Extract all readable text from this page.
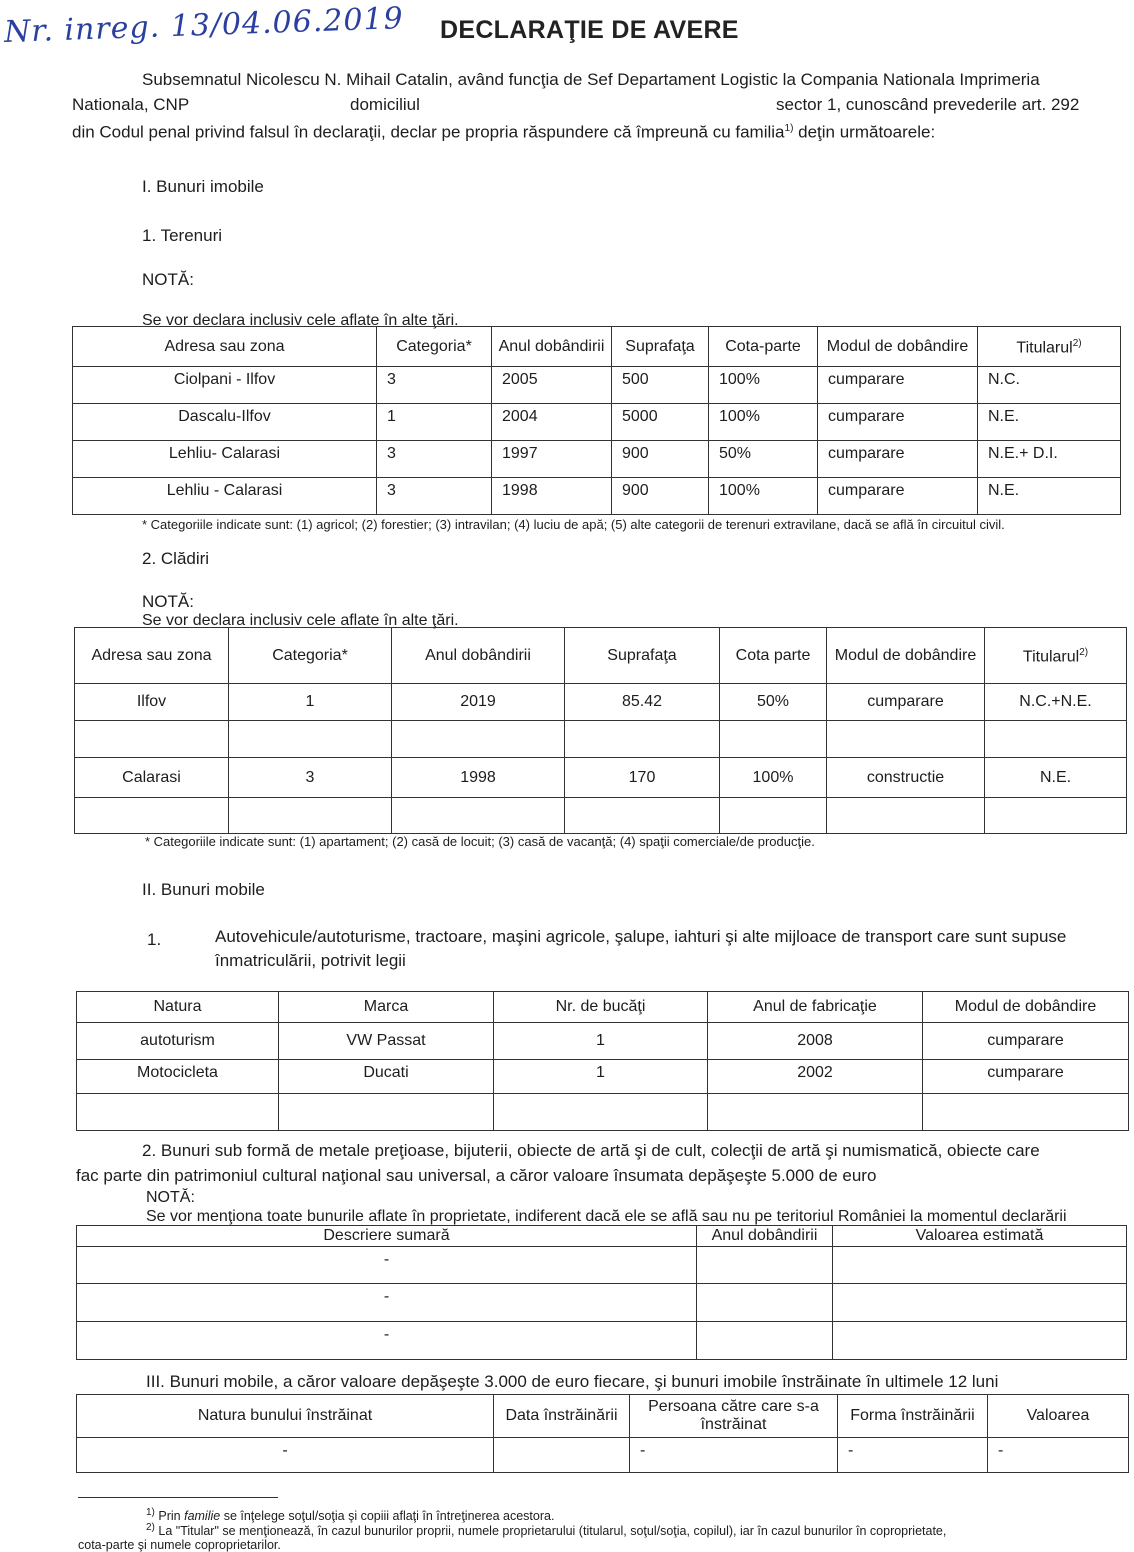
Nr. inreg. 13/04.06.2019 DECLARAŢIE DE AVERE
Subsemnatul Nicolescu N. Mihail Catalin, având funcţia de Sef Departament Logistic la Compania Nationala Imprimeria
Nationala, CNP	domiciliul	sector 1, cunoscând prevederile art. 292
din Codul penal privind falsul în declaraţii, declar pe propria răspundere că împreună cu familia$^{1)}$ deţin următoarele:
I. Bunuri imobile
1. Terenuri
NOTĂ:
Se vor declara inclusiv cele aflate în alte ţări.
Adresa sau zona	Categoria*	Anul dobândirii	Suprafaţa	Cota-parte	Modul de dobândire	Titularul$^{2)}$
Ciolpani - Ilfov	3	2005	500	100%	cumparare	N.C.
Dascalu-Ilfov	1	2004	5000	100%	cumparare	N.E.
Lehliu- Calarasi	3	1997	900	50%	cumparare	N.E.+ D.I.
Lehliu - Calarasi	3	1998	900	100%	cumparare	N.E.
* Categoriile indicate sunt: (1) agricol; (2) forestier; (3) intravilan; (4) luciu de apă; (5) alte categorii de terenuri extravilane, dacă se află în circuitul civil.
2. Clădiri
NOTĂ:
Se vor declara inclusiv cele aflate în alte ţări.
Adresa sau zona	Categoria*	Anul dobândirii	Suprafaţa	Cota parte	Modul de dobândire	Titularul$^{2)}$
Ilfov	1	2019	85.42	50%	cumparare	N.C.+N.E.

Calarasi	3	1998	170	100%	constructie	N.E.

* Categoriile indicate sunt: (1) apartament; (2) casă de locuit; (3) casă de vacanţă; (4) spaţii comerciale/de producţie.
II. Bunuri mobile
1.	Autovehicule/autoturisme, tractoare, maşini agricole, şalupe, iahturi şi alte mijloace de transport care sunt supuse
înmatriculării, potrivit legii
Natura	Marca	Nr. de bucăţi	Anul de fabricaţie	Modul de dobândire
autoturism	VW Passat	1	2008	cumparare
Motocicleta	Ducati	1	2002	cumparare

2. Bunuri sub formă de metale preţioase, bijuterii, obiecte de artă şi de cult, colecţii de artă şi numismatică, obiecte care
fac parte din patrimoniul cultural naţional sau universal, a căror valoare însumata depăşeşte 5.000 de euro
NOTĂ:
Se vor menţiona toate bunurile aflate în proprietate, indiferent dacă ele se află sau nu pe teritoriul României la momentul declarării
Descriere sumară	Anul dobândirii	Valoarea estimată
-		
-		
-		
III. Bunuri mobile, a căror valoare depăşeşte 3.000 de euro fiecare, şi bunuri imobile înstrăinate în ultimele 12 luni
Natura bunului înstrăinat	Data înstrăinării	Persoana către care s-a înstrăinat	Forma înstrăinării	Valoarea
-		-	-	-
$^{1)}$ Prin familie se înţelege soţul/soţia şi copiii aflaţi în întreţinerea acestora.
$^{2)}$ La "Titular" se menţionează, în cazul bunurilor proprii, numele proprietarului (titularul, soţul/soţia, copilul), iar în cazul bunurilor în coproprietate,
cota-parte şi numele coproprietarilor.
